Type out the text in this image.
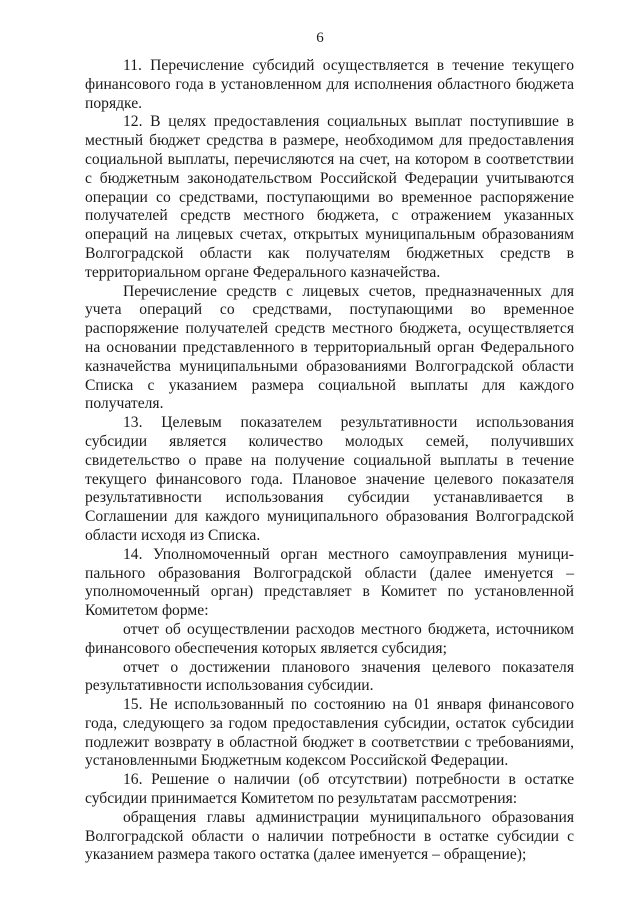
6

11. Перечисление субсидий осуществляется в течение текущего финансового года в установленном для исполнения областного бюджета порядке.

12. В целях предоставления социальных выплат поступившие в местный бюджет средства в размере, необходимом для предоставления социальной выплаты, перечисляются на счет, на котором в соответствии с бюджетным законодательством Российской Федерации учитываются операции со средствами, поступающими во временное распоряжение получателей средств местного бюджета, с отражением указанных операций на лицевых счетах, открытых муниципальным образованиям Волгоградской области как получателям бюджетных средств в территориальном органе Федерального казначейства.

Перечисление средств с лицевых счетов, предназначенных для учета операций со средствами, поступающими во временное распоряжение получателей средств местного бюджета, осуществляется на основании представленного в территориальный орган Федерального казначейства муниципальными образованиями Волгоградской области Списка с указанием размера социальной выплаты для каждого получателя.

13. Целевым показателем результативности использования субсидии является количество молодых семей, получивших свидетельство о праве на получение социальной выплаты в течение текущего финансового года. Плановое значение целевого показателя результативности использования субсидии устанавливается в Соглашении для каждого муниципального образования Волгоградской области исходя из Списка.

14. Уполномоченный орган местного самоуправления муниципального образования Волгоградской области (далее именуется – уполномоченный орган) представляет в Комитет по установленной Комитетом форме:

отчет об осуществлении расходов местного бюджета, источником финансового обеспечения которых является субсидия;

отчет о достижении планового значения целевого показателя результативности использования субсидии.

15. Не использованный по состоянию на 01 января финансового года, следующего за годом предоставления субсидии, остаток субсидии подлежит возврату в областной бюджет в соответствии с требованиями, установленными Бюджетным кодексом Российской Федерации.

16. Решение о наличии (об отсутствии) потребности в остатке субсидии принимается Комитетом по результатам рассмотрения:

обращения главы администрации муниципального образования Волгоградской области о наличии потребности в остатке субсидии с указанием размера такого остатка (далее именуется – обращение);
